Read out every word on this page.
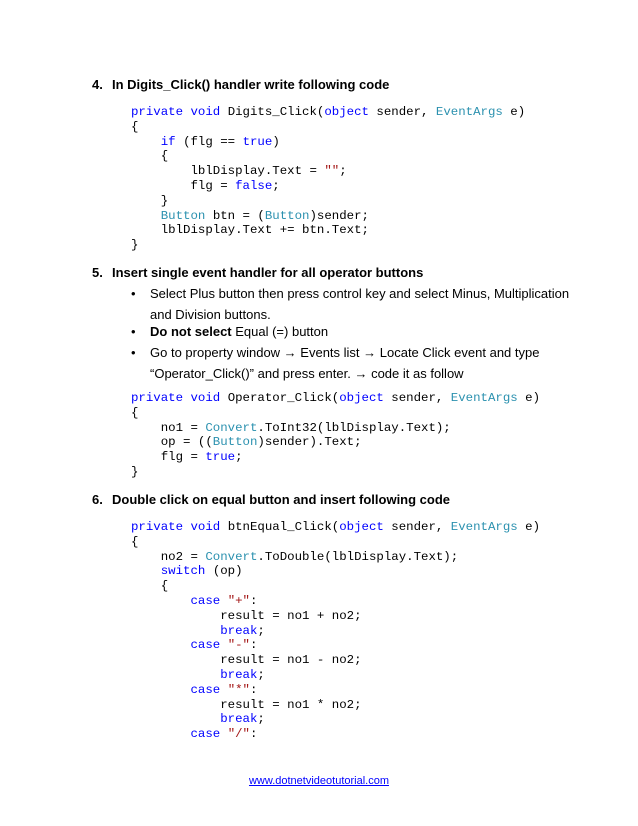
4. In Digits_Click() handler write following code
private void Digits_Click(object sender, EventArgs e)
{
if (flg == true)
{
lblDisplay.Text = "";
flg = false;
}
Button btn = (Button)sender;
lblDisplay.Text += btn.Text;
}
5. Insert single event handler for all operator buttons
•	Select Plus button then press control key and select Minus, Multiplication and Division buttons.
•	Do not select Equal (=) button
•	Go to property window → Events list → Locate Click event and type “Operator_Click()” and press enter. → code it as follow
private void Operator_Click(object sender, EventArgs e)
{
no1 = Convert.ToInt32(lblDisplay.Text);
op = ((Button)sender).Text;
flg = true;
}
6. Double click on equal button and insert following code
private void btnEqual_Click(object sender, EventArgs e)
{
no2 = Convert.ToDouble(lblDisplay.Text);
switch (op)
{
case "+":
result = no1 + no2;
break;
case "-":
result = no1 - no2;
break;
case "*":
result = no1 * no2;
break;
case "/":
www.dotnetvideotutorial.com
